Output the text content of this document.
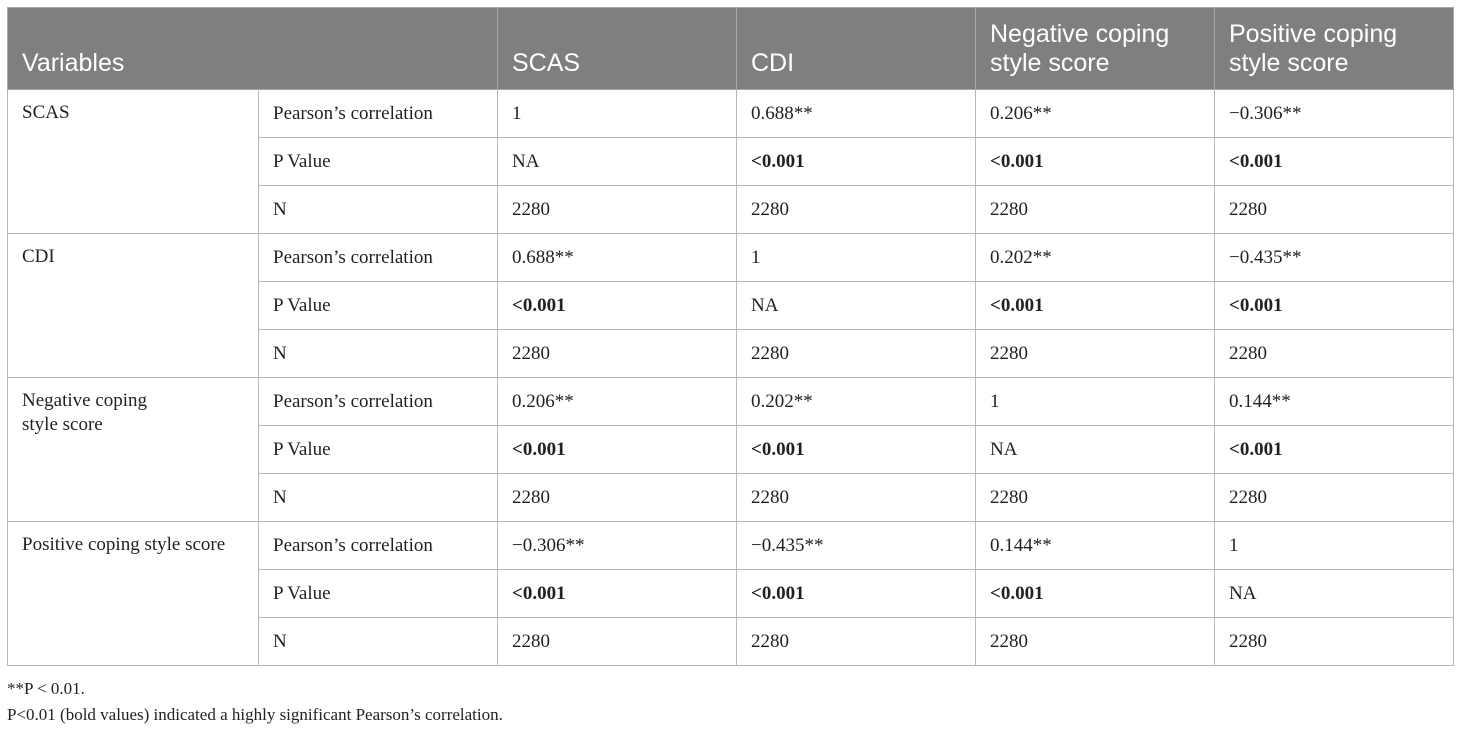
Variables		SCAS	CDI	Negative coping style score	Positive coping style score
SCAS	Pearson’s correlation	1	0.688**	0.206**	−0.306**
	P Value	NA	<0.001	<0.001	<0.001
	N	2280	2280	2280	2280
CDI	Pearson’s correlation	0.688**	1	0.202**	−0.435**
	P Value	<0.001	NA	<0.001	<0.001
	N	2280	2280	2280	2280
Negative coping style score	Pearson’s correlation	0.206**	0.202**	1	0.144**
	P Value	<0.001	<0.001	NA	<0.001
	N	2280	2280	2280	2280
Positive coping style score	Pearson’s correlation	−0.306**	−0.435**	0.144**	1
	P Value	<0.001	<0.001	<0.001	NA
	N	2280	2280	2280	2280
**P < 0.01.
P<0.01 (bold values) indicated a highly significant Pearson’s correlation.
